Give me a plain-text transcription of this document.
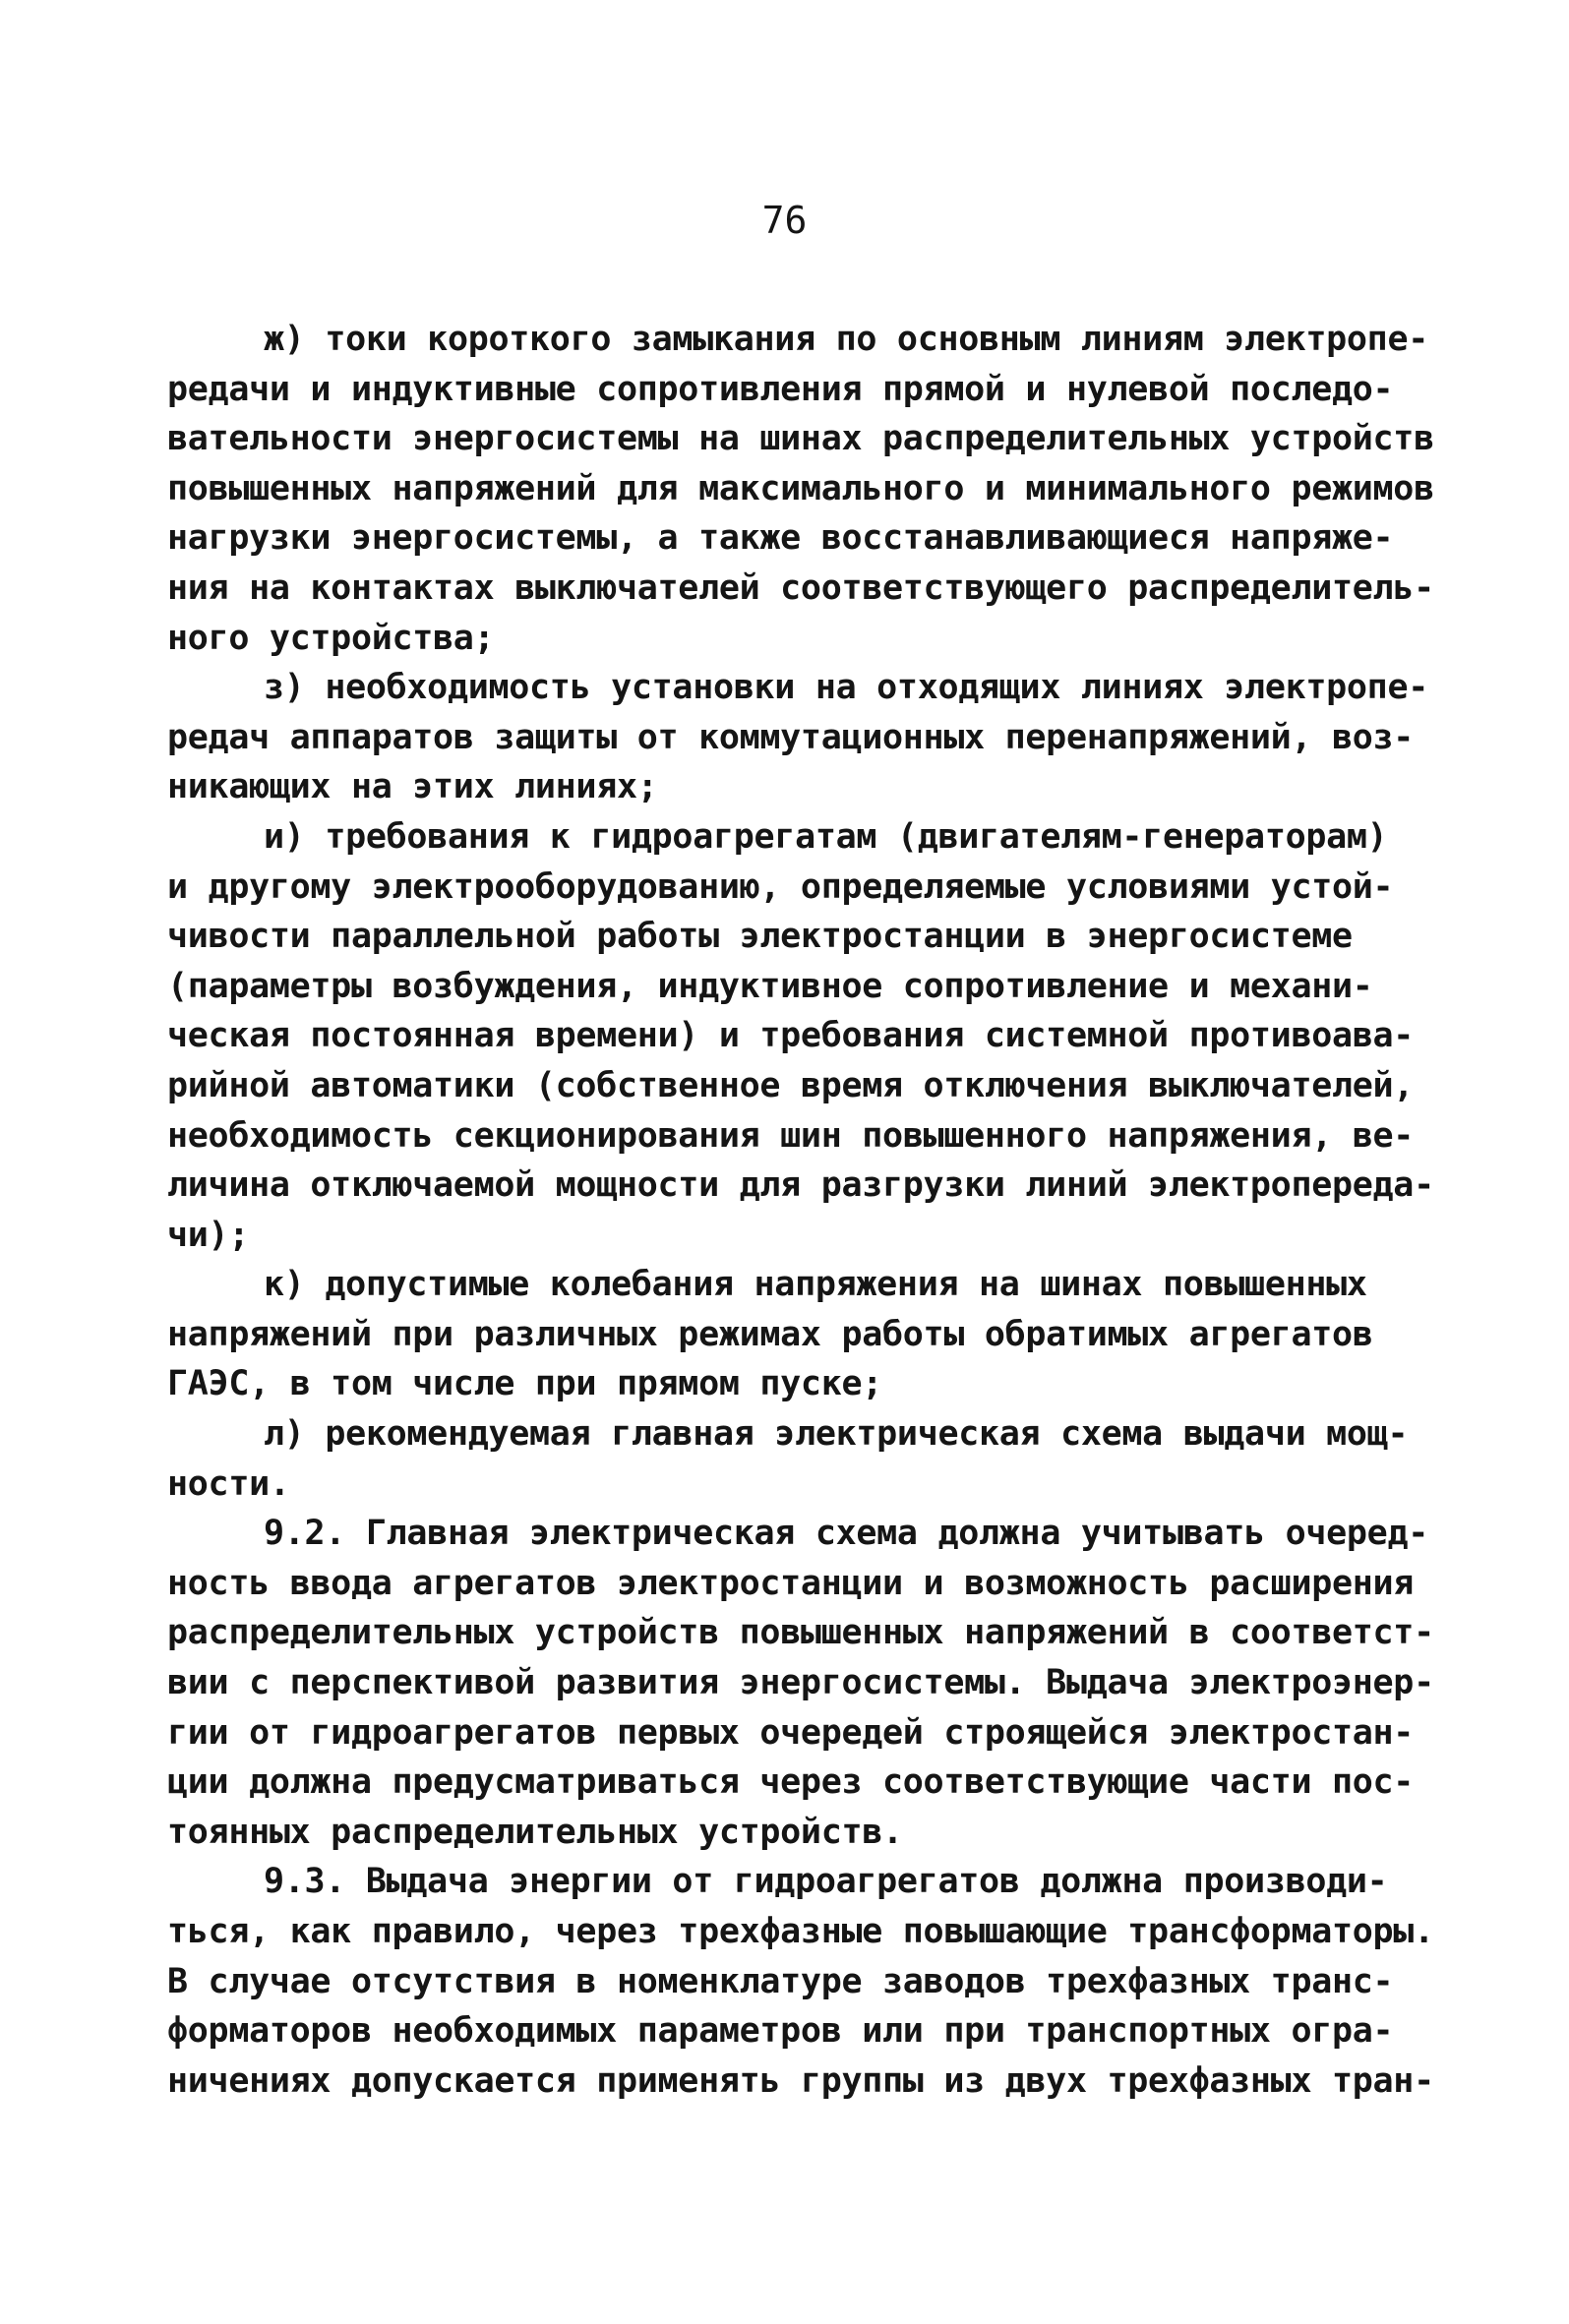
76
ж) токи короткого замыкания по основным линиям электропе-
редачи и индуктивные сопротивления прямой и нулевой последо-
вательности энергосистемы на шинах распределительных устройств
повышенных напряжений для максимального и минимального режимов
нагрузки энергосистемы, а также восстанавливающиеся напряже-
ния на контактах выключателей соответствующего распределитель-
ного устройства;
з) необходимость установки на отходящих линиях электропе-
редач аппаратов защиты от коммутационных перенапряжений, воз-
никающих на этих линиях;
и) требования к гидроагрегатам (двигателям-генераторам)
и другому электрооборудованию, определяемые условиями устой-
чивости параллельной работы электростанции в энергосистеме
(параметры возбуждения, индуктивное сопротивление и механи-
ческая постоянная времени) и требования системной противоава-
рийной автоматики (собственное время отключения выключателей,
необходимость секционирования шин повышенного напряжения, ве-
личина отключаемой мощности для разгрузки линий электропереда-
чи);
к) допустимые колебания напряжения на шинах повышенных
напряжений при различных режимах работы обратимых агрегатов
ГАЭС, в том числе при прямом пуске;
л) рекомендуемая главная электрическая схема выдачи мощ-
ности.
9.2. Главная электрическая схема должна учитывать очеред-
ность ввода агрегатов электростанции и возможность расширения
распределительных устройств повышенных напряжений в соответст-
вии с перспективой развития энергосистемы. Выдача электроэнер-
гии от гидроагрегатов первых очередей строящейся электростан-
ции должна предусматриваться через соответствующие части пос-
тоянных распределительных устройств.
9.3. Выдача энергии от гидроагрегатов должна производи-
ться, как правило, через трехфазные повышающие трансформаторы.
В случае отсутствия в номенклатуре заводов трехфазных транс-
форматоров необходимых параметров или при транспортных огра-
ничениях допускается применять группы из двух трехфазных тран-
